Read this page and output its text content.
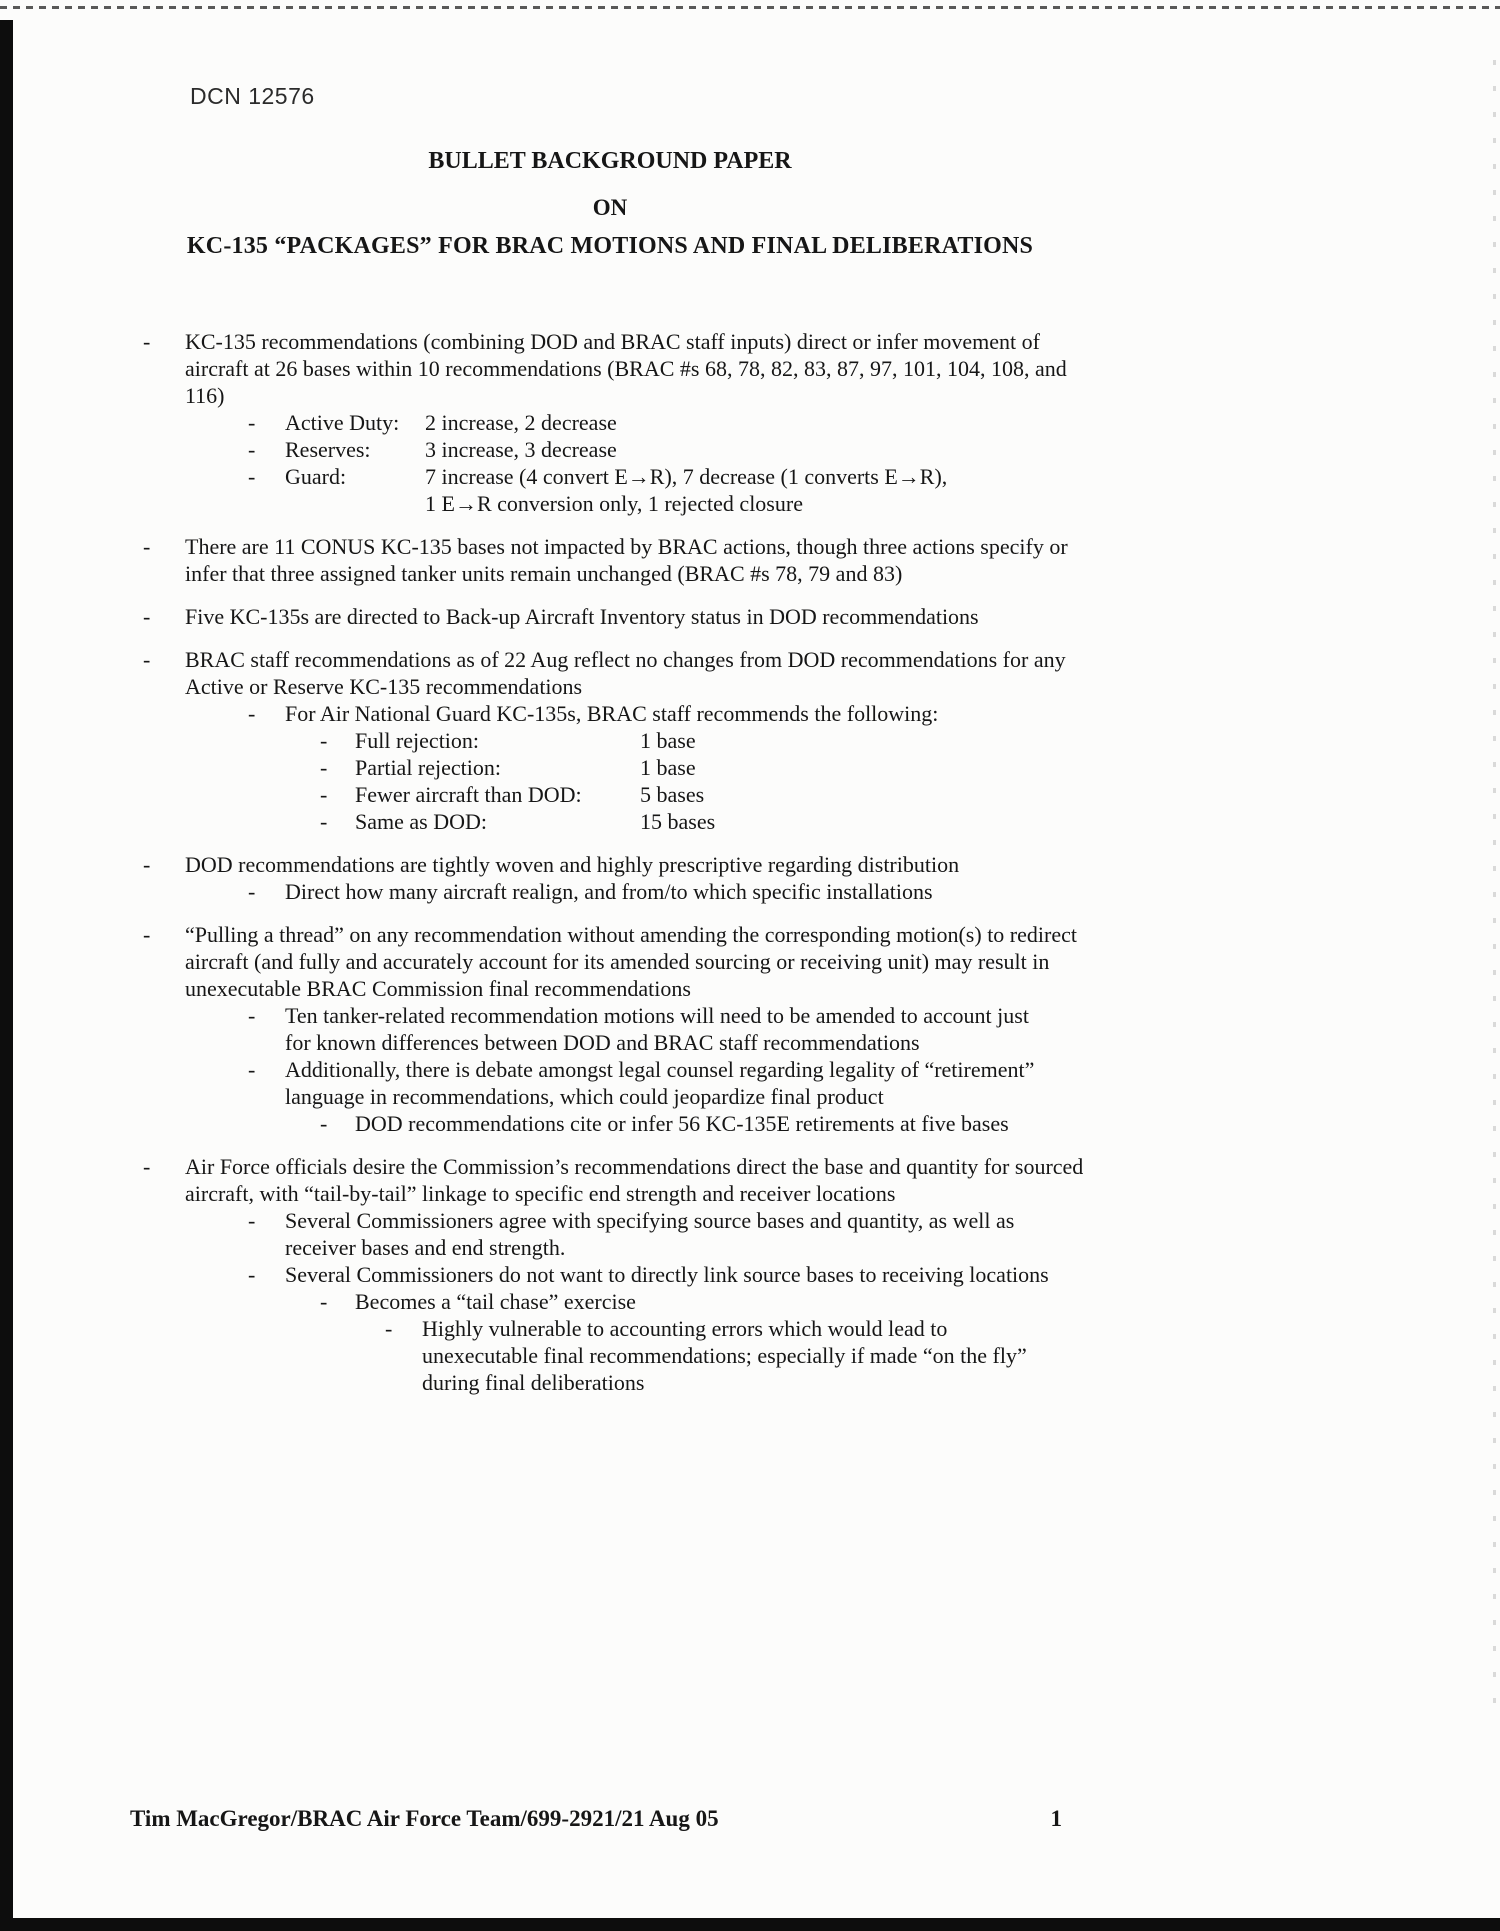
DCN 12576
BULLET BACKGROUND PAPER
ON
KC-135 “PACKAGES” FOR BRAC MOTIONS AND FINAL DELIBERATIONS
-	KC-135 recommendations (combining DOD and BRAC staff inputs) direct or infer movement of aircraft at 26 bases within 10 recommendations (BRAC #s 68, 78, 82, 83, 87, 97, 101, 104, 108, and 116)
-	Active Duty:	2 increase, 2 decrease
-	Reserves:	3 increase, 3 decrease
-	Guard:	7 increase (4 convert E→R), 7 decrease (1 converts E→R),
1 E→R conversion only, 1 rejected closure
-	There are 11 CONUS KC-135 bases not impacted by BRAC actions, though three actions specify or infer that three assigned tanker units remain unchanged (BRAC #s 78, 79 and 83)
-	Five KC-135s are directed to Back-up Aircraft Inventory status in DOD recommendations
-	BRAC staff recommendations as of 22 Aug reflect no changes from DOD recommendations for any Active or Reserve KC-135 recommendations
-	For Air National Guard KC-135s, BRAC staff recommends the following:
-	Full rejection:	1 base
-	Partial rejection:	1 base
-	Fewer aircraft than DOD:	5 bases
-	Same as DOD:	15 bases
-	DOD recommendations are tightly woven and highly prescriptive regarding distribution
-	Direct how many aircraft realign, and from/to which specific installations
-	“Pulling a thread” on any recommendation without amending the corresponding motion(s) to redirect aircraft (and fully and accurately account for its amended sourcing or receiving unit) may result in unexecutable BRAC Commission final recommendations
-	Ten tanker-related recommendation motions will need to be amended to account just for known differences between DOD and BRAC staff recommendations
-	Additionally, there is debate amongst legal counsel regarding legality of “retirement” language in recommendations, which could jeopardize final product
-	DOD recommendations cite or infer 56 KC-135E retirements at five bases
-	Air Force officials desire the Commission’s recommendations direct the base and quantity for sourced aircraft, with “tail-by-tail” linkage to specific end strength and receiver locations
-	Several Commissioners agree with specifying source bases and quantity, as well as receiver bases and end strength.
-	Several Commissioners do not want to directly link source bases to receiving locations
-	Becomes a “tail chase” exercise
-	Highly vulnerable to accounting errors which would lead to unexecutable final recommendations; especially if made “on the fly” during final deliberations
Tim MacGregor/BRAC Air Force Team/699-2921/21 Aug 05	1
